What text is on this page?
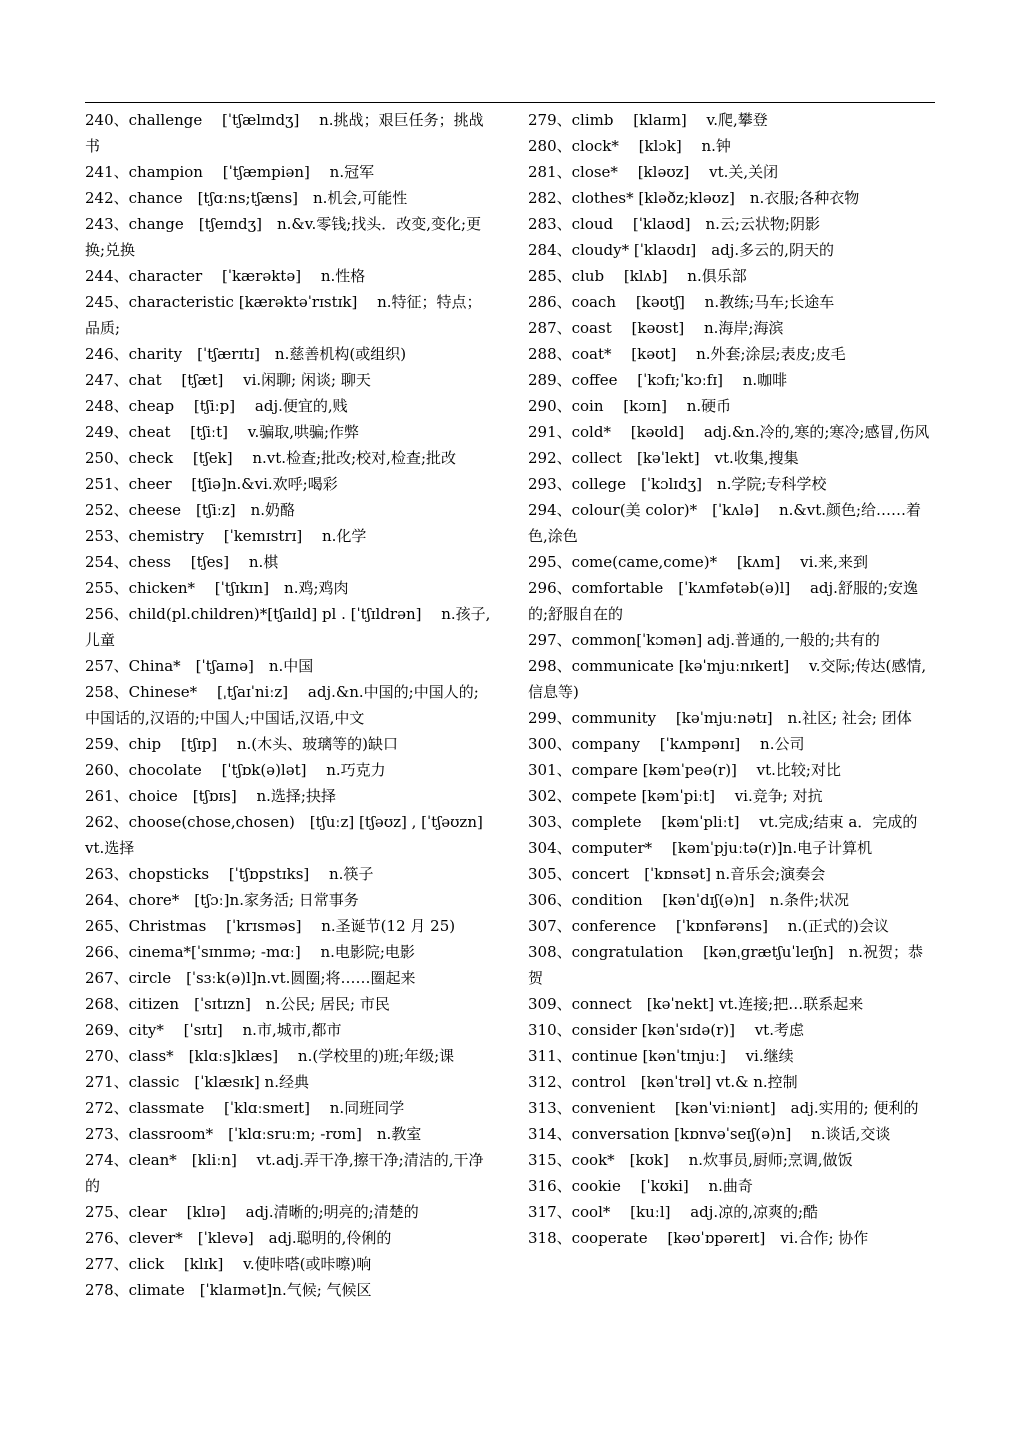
240、challenge　 [ˈtʃælɪndʒ]　 n.挑战；艰巨任务；挑战书

241、champion　 [ˈtʃæmpiən]　 n.冠军

242、chance　[tʃɑːns;tʃæns]　n.机会,可能性

243、change　[tʃeɪndʒ]　n.&v.零钱;找头．改变,变化;更换;兑换

244、character　 [ˈkærəktə]　 n.性格

245、characteristic [kærəktəˈrɪstɪk]　 n.特征；特点；品质;

246、charity　[ˈtʃærɪtɪ]　n.慈善机构(或组织)

247、chat　 [tʃæt]　 vi.闲聊; 闲谈; 聊天

248、cheap　 [tʃiːp]　 adj.便宜的,贱

249、cheat　 [tʃiːt]　 v.骗取,哄骗;作弊

250、check　 [tʃek]　 n.vt.检查;批改;校对,检查;批改

251、cheer　 [tʃiə]n.&vi.欢呼;喝彩

252、cheese　[tʃiːz]　n.奶酪

253、chemistry　 [ˈkemɪstrɪ]　 n.化学

254、chess　 [tʃes]　 n.棋

255、chicken*　 [ˈtʃɪkɪn]　n.鸡;鸡肉

256、child(pl.children)*[tʃaɪld] pl . [ˈtʃɪldrən]　 n.孩子,儿童

257、China*　[ˈtʃaɪnə]　n.中国

258、Chinese*　 [ˌtʃaɪˈniːz]　 adj.&n.中国的;中国人的;中国话的,汉语的;中国人;中国话,汉语,中文

259、chip　 [tʃɪp]　 n.(木头、玻璃等的)缺口

260、chocolate　 [ˈtʃɒk(ə)lət]　 n.巧克力

261、choice　[tʃɒɪs]　 n.选择;抉择

262、choose(chose,chosen)　[tʃuːz] [tʃəʊz] , [ˈtʃəʊzn] vt.选择

263、chopsticks　 [ˈtʃɒpstɪks]　 n.筷子

264、chore*　[tʃɔː]n.家务活; 日常事务

265、Christmas　 [ˈkrɪsməs]　 n.圣诞节(12 月 25)

266、cinema*[ˈsɪnɪmə; -mɑː]　 n.电影院;电影

267、circle　[ˈsɜːk(ə)l]n.vt.圆圈;将……圈起来

268、citizen　[ˈsɪtɪzn]　n.公民; 居民; 市民

269、city*　 [ˈsɪtɪ]　 n.市,城市,都市

270、class*　[klɑːs]klæs]　 n.(学校里的)班;年级;课

271、classic　[ˈklæsɪk] n.经典

272、classmate　 [ˈklɑːsmeɪt]　 n.同班同学

273、classroom*　[ˈklɑːsruːm; -rʊm]　n.教室

274、clean*　[kliːn]　 vt.adj.弄干净,擦干净;清洁的,干净的

275、clear　 [klɪə]　 adj.清晰的;明亮的;清楚的

276、clever*　[ˈklevə]　adj.聪明的,伶俐的

277、click　 [klɪk]　 v.使咔嗒(或咔嚓)响

278、climate　[ˈklaɪmət]n.气候; 气候区

279、climb　 [klaɪm]　 v.爬,攀登

280、clock*　 [klɔk]　 n.钟

281、close*　 [kləʊz]　 vt.关,关闭

282、clothes* [kləðz;kləʊz]　n.衣服;各种衣物

283、cloud　 [ˈklaʊd]　n.云;云状物;阴影

284、cloudy* [ˈklaʊdɪ]　adj.多云的,阴天的

285、club　 [klʌb]　 n.俱乐部

286、coach　 [kəʊtʃ]　 n.教练;马车;长途车

287、coast　 [kəʊst]　 n.海岸;海滨

288、coat*　 [kəʊt]　 n.外套;涂层;表皮;皮毛

289、coffee　 [ˈkɔfɪ;ˈkɔːfɪ]　 n.咖啡

290、coin　 [kɔɪn]　 n.硬币

291、cold*　 [kəʊld]　 adj.&n.冷的,寒的;寒冷;感冒,伤风

292、collect　[kəˈlekt]　vt.收集,搜集

293、college　[ˈkɔlɪdʒ]　n.学院;专科学校

294、colour(美 color)*　[ˈkʌlə]　 n.&vt.颜色;给……着色,涂色

295、come(came,come)*　 [kʌm]　 vi.来,来到

296、comfortable　[ˈkʌmfətəb(ə)l]　 adj.舒服的;安逸的;舒服自在的

297、common[ˈkɔmən] adj.普通的,一般的;共有的

298、communicate [kəˈmjuːnɪkeɪt]　 v.交际;传达(感情,信息等)

299、community　 [kəˈmjuːnətɪ]　n.社区; 社会; 团体

300、company　 [ˈkʌmpənɪ]　 n.公司

301、compare [kəmˈpeə(r)]　 vt.比较;对比

302、compete [kəmˈpiːt]　 vi.竞争; 对抗

303、complete　 [kəmˈpliːt]　 vt.完成;结束 a．完成的

304、computer*　 [kəmˈpjuːtə(r)]n.电子计算机

305、concert　[ˈkɒnsət] n.音乐会;演奏会

306、condition　 [kənˈdɪʃ(ə)n]　n.条件;状况

307、conference　 [ˈkɒnfərəns]　 n.(正式的)会议

308、congratulation　 [kənˌgrætʃuˈleɪʃn]　n.祝贺；恭贺

309、connect　[kəˈnekt] vt.连接;把…联系起来

310、consider [kənˈsɪdə(r)]　 vt.考虑

311、continue [kənˈtɪnjuː]　 vi.继续

312、control　[kənˈtrəl] vt.& n.控制

313、convenient　 [kənˈviːniənt]　adj.实用的; 便利的

314、conversation [kɒnvəˈseɪʃ(ə)n]　 n.谈话,交谈

315、cook*　[kʊk]　 n.炊事员,厨师;烹调,做饭

316、cookie　 [ˈkʊki]　 n.曲奇

317、cool*　 [kuːl]　 adj.凉的,凉爽的;酷

318、cooperate　 [kəʊˈɒpəreɪt]　vi.合作; 协作
